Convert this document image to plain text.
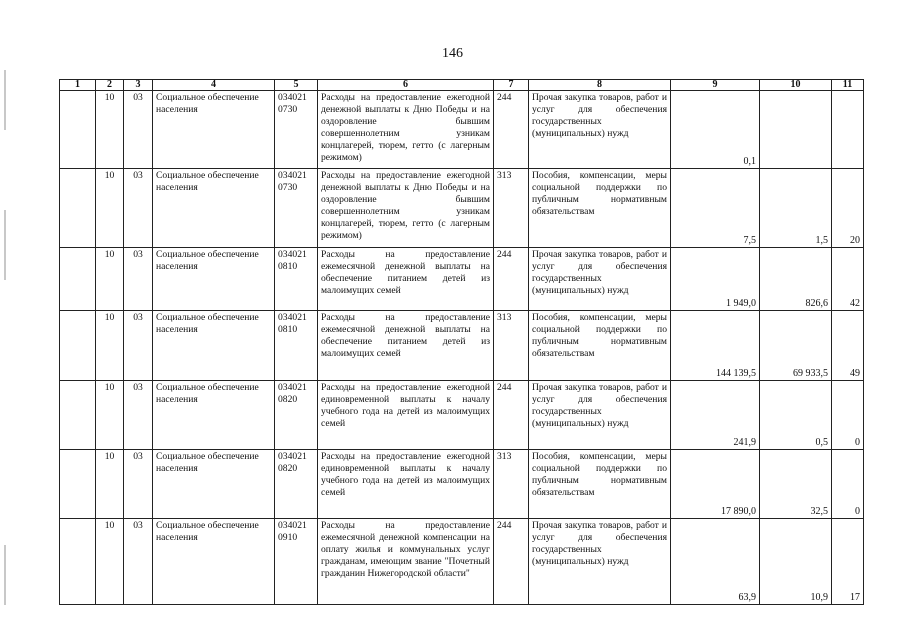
146
1	2	3	4	5	6	7	8	9	10	11
	10	03	Социальное обеспечение населения	034021 0730	Расходы на предоставление ежегодной денежной выплаты к Дню Победы и на оздоровление бывшим совершеннолетним узникам концлагерей, тюрем, гетто (с лагерным режимом)	244	Прочая закупка товаров, работ и услуг для обеспечения государственных (муниципальных) нужд	0,1		
	10	03	Социальное обеспечение населения	034021 0730	Расходы на предоставление ежегодной денежной выплаты к Дню Победы и на оздоровление бывшим совершеннолетним узникам концлагерей, тюрем, гетто (с лагерным режимом)	313	Пособия, компенсации, меры социальной поддержки по публичным нормативным обязательствам	7,5	1,5	20
	10	03	Социальное обеспечение населения	034021 0810	Расходы на предоставление ежемесячной денежной выплаты на обеспечение питанием детей из малоимущих семей	244	Прочая закупка товаров, работ и услуг для обеспечения государственных (муниципальных) нужд	1 949,0	826,6	42
	10	03	Социальное обеспечение населения	034021 0810	Расходы на предоставление ежемесячной денежной выплаты на обеспечение питанием детей из малоимущих семей	313	Пособия, компенсации, меры социальной поддержки по публичным нормативным обязательствам	144 139,5	69 933,5	49
	10	03	Социальное обеспечение населения	034021 0820	Расходы на предоставление ежегодной единовременной выплаты к началу учебного года на детей из малоимущих семей	244	Прочая закупка товаров, работ и услуг для обеспечения государственных (муниципальных) нужд	241,9	0,5	0
	10	03	Социальное обеспечение населения	034021 0820	Расходы на предоставление ежегодной единовременной выплаты к началу учебного года на детей из малоимущих семей	313	Пособия, компенсации, меры социальной поддержки по публичным нормативным обязательствам	17 890,0	32,5	0
	10	03	Социальное обеспечение населения	034021 0910	Расходы на предоставление ежемесячной денежной компенсации на оплату жилья и коммунальных услуг гражданам, имеющим звание "Почетный гражданин Нижегородской области"	244	Прочая закупка товаров, работ и услуг для обеспечения государственных (муниципальных) нужд	63,9	10,9	17
